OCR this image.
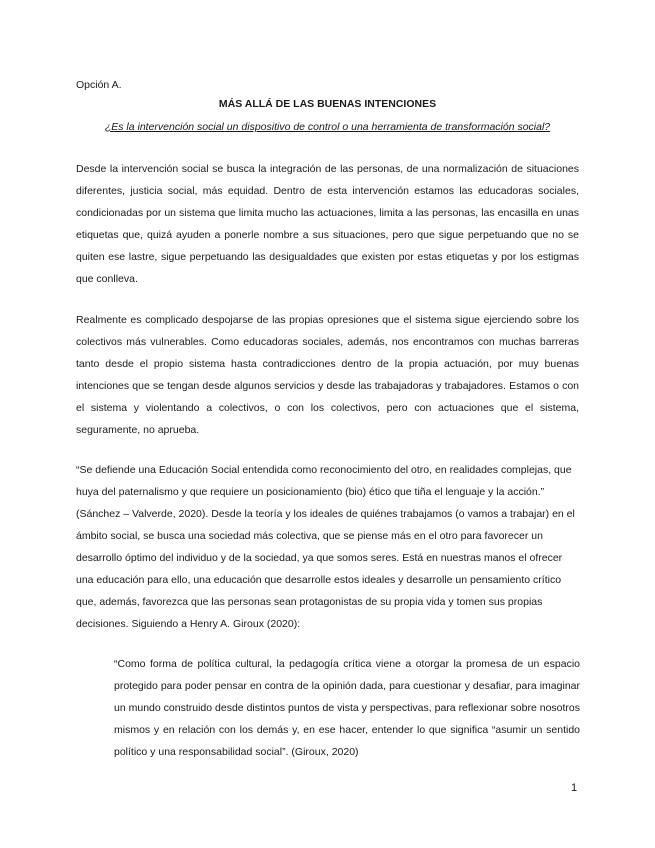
Opción A.

MÁS ALLÁ DE LAS BUENAS INTENCIONES

¿Es la intervención social un dispositivo de control o una herramienta de transformación social?

Desde la intervención social se busca la integración de las personas, de una normalización de situaciones diferentes, justicia social, más equidad. Dentro de esta intervención estamos las educadoras sociales, condicionadas por un sistema que limita mucho las actuaciones, limita a las personas, las encasilla en unas etiquetas que, quizá ayuden a ponerle nombre a sus situaciones, pero que sigue perpetuando que no se quiten ese lastre, sigue perpetuando las desigualdades que existen por estas etiquetas y por los estigmas que conlleva.

Realmente es complicado despojarse de las propias opresiones que el sistema sigue ejerciendo sobre los colectivos más vulnerables. Como educadoras sociales, además, nos encontramos con muchas barreras tanto desde el propio sistema hasta contradicciones dentro de la propia actuación, por muy buenas intenciones que se tengan desde algunos servicios y desde las trabajadoras y trabajadores. Estamos o con el sistema y violentando a colectivos, o con los colectivos, pero con actuaciones que el sistema, seguramente, no aprueba.

“Se defiende una Educación Social entendida como reconocimiento del otro, en realidades complejas, que huya del paternalismo y que requiere un posicionamiento (bio) ético que tiña el lenguaje y la acción.” (Sánchez – Valverde, 2020). Desde la teoría y los ideales de quiénes trabajamos (o vamos a trabajar) en el ámbito social, se busca una sociedad más colectiva, que se piense más en el otro para favorecer un desarrollo óptimo del individuo y de la sociedad, ya que somos seres. Está en nuestras manos el ofrecer una educación para ello, una educación que desarrolle estos ideales y desarrolle un pensamiento crítico que, además, favorezca que las personas sean protagonistas de su propia vida y tomen sus propias decisiones. Siguiendo a Henry A. Giroux (2020):

“Como forma de política cultural, la pedagogía crítica viene a otorgar la promesa de un espacio protegido para poder pensar en contra de la opinión dada, para cuestionar y desafiar, para imaginar un mundo construido desde distintos puntos de vista y perspectivas, para reflexionar sobre nosotros mismos y en relación con los demás y, en ese hacer, entender lo que significa “asumir un sentido político y una responsabilidad social”. (Giroux, 2020)

1
